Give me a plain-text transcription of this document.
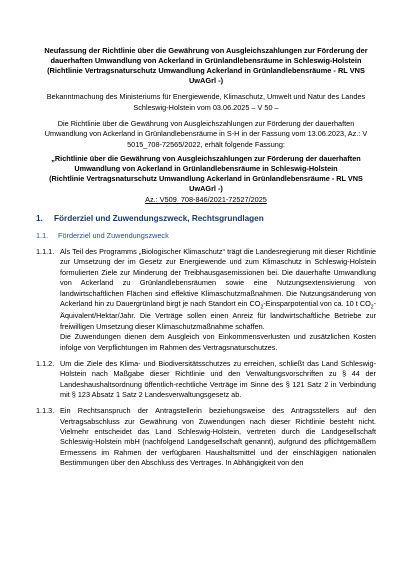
Neufassung der Richtlinie über die Gewährung von Ausgleichszahlungen zur Förderung der dauerhaften Umwandlung von Ackerland in Grünlandlebensräume in Schleswig-Holstein (Richtlinie Vertragsnaturschutz Umwandlung Ackerland in Grünlandlebensräume - RL VNS UwAGrl -)
Bekanntmachung des Ministeriums für Energiewende, Klimaschutz, Umwelt und Natur des Landes Schleswig-Holstein vom 03.06.2025 – V 50 –
Die Richtlinie über die Gewährung von Ausgleichszahlungen zur Förderung der dauerhaften Umwandlung von Ackerland in Grünlandlebensräume in S-H in der Fassung vom 13.06.2023, Az.: V 5015_708-72565/2022, erhält folgende Fassung:
„Richtlinie über die Gewährung von Ausgleichszahlungen zur Förderung der dauerhaften Umwandlung von Ackerland in Grünlandlebensräume in Schleswig-Holstein
(Richtlinie Vertragsnaturschutz Umwandlung Ackerland in Grünlandlebensräume - RL VNS UwAGrl -)
Az.: V509_708-846/2021-72527/2025
1.	Förderziel und Zuwendungszweck, Rechtsgrundlagen
1.1.	Förderziel und Zuwendungszweck
1.1.1. Als Teil des Programms „Biologischer Klimaschutz“ trägt die Landesregierung mit dieser Richtlinie zur Umsetzung der im Gesetz zur Energiewende und zum Klimaschutz in Schleswig-Holstein formulierten Ziele zur Minderung der Treibhausgasemissionen bei. Die dauerhafte Umwandlung von Ackerland zu Grünlandlebensräumen sowie eine Nutzungsextensivierung von landwirtschaftlichen Flächen sind effektive Klimaschutzmaßnahmen. Die Nutzungsänderung von Ackerland hin zu Dauergrünland birgt je nach Standort ein $CO_2$-Einsparpotential von ca. 10 t $CO_2-Äquivalent/Hektar$/Jahr. Die Verträge sollen einen Anreiz für landwirtschaftliche Betriebe zur freiwilligen Umsetzung dieser Klimaschutzmaßnahme schaffen.

Die Zuwendungen dienen dem Ausgleich von Einkommensverlusten und zusätzlichen Kosten infolge von Verpflichtungen im Rahmen des Vertragsnaturschutzes.

1.1.2. Um die Ziele des Klima- und Biodiversitätsschutzes zu erreichen, schließt das Land Schleswig-Holstein nach Maßgabe dieser Richtlinie und den Verwaltungsvorschriften zu § 44 der Landeshaushaltsordnung öffentlich-rechtliche Verträge im Sinne des § 121 Satz 2 in Verbindung mit § 123 Absatz 1 Satz 2 Landesverwaltungsgesetz ab.
1.1.3. Ein Rechtsanspruch der Antragstellerin beziehungsweise des Antragsstellers auf den Vertragsabschluss zur Gewährung von Zuwendungen nach dieser Richtlinie besteht nicht. Vielmehr entscheidet das Land Schleswig-Holstein, vertreten durch die Landgesellschaft Schleswig-Holstein mbH (nachfolgend Landgesellschaft genannt), aufgrund des pflichtgemäßem Ermessens im Rahmen der verfügbaren Haushaltsmittel und der einschlägigen nationalen Bestimmungen über den Abschluss des Vertrages. In Abhängigkeit von den
